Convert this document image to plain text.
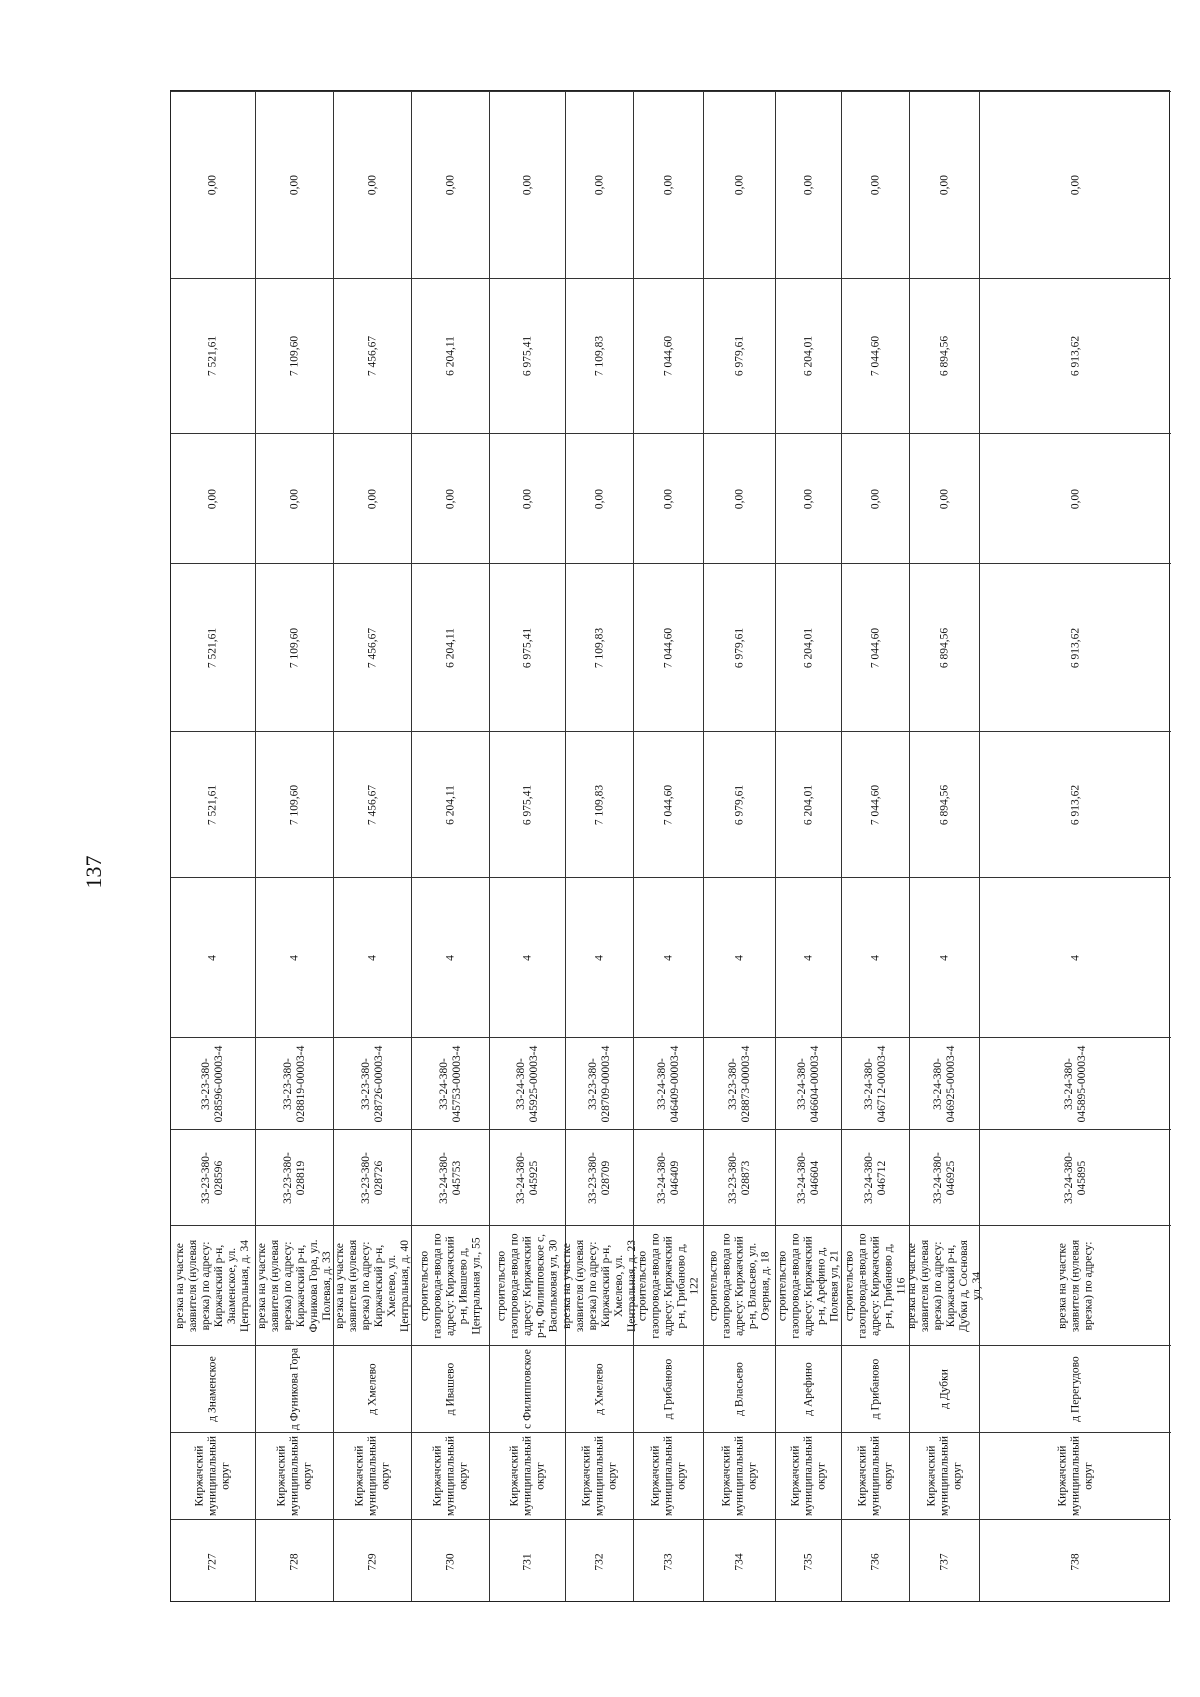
137
727
Киржачский
муниципальный
округ
д Знаменское
врезка на участке
заявителя (нулевая
врезка) по адресу:
Киржачский р-н,
Знаменское, ул.
Центральная, д. 34
33-23-380-
028596
33-23-380-
028596-00003-4
4
7 521,61
7 521,61
0,00
7 521,61
0,00
728
Киржачский
муниципальный
округ
д Фуникова Гора
врезка на участке
заявителя (нулевая
врезка) по адресу:
Киржачский р-н,
Фуникова Гора, ул.
Полевая, д. 33
33-23-380-
028819
33-23-380-
028819-00003-4
4
7 109,60
7 109,60
0,00
7 109,60
0,00
729
Киржачский
муниципальный
округ
д Хмелево
врезка на участке
заявителя (нулевая
врезка) по адресу:
Киржачский р-н,
Хмелево, ул.
Центральная, д. 40
33-23-380-
028726
33-23-380-
028726-00003-4
4
7 456,67
7 456,67
0,00
7 456,67
0,00
730
Киржачский
муниципальный
округ
д Ивашево
строительство
газопровода-ввода по
адресу: Киржачский
р-н, Ивашево д,
Центральная ул., 55
33-24-380-
045753
33-24-380-
045753-00003-4
4
6 204,11
6 204,11
0,00
6 204,11
0,00
731
Киржачский
муниципальный
округ
с Филипповское
строительство
газопровода-ввода по
адресу: Киржачский
р-н, Филипповское с,
Васильковая ул, 30
33-24-380-
045925
33-24-380-
045925-00003-4
4
6 975,41
6 975,41
0,00
6 975,41
0,00
732
Киржачский
муниципальный
округ
д Хмелево
врезка на участке
заявителя (нулевая
врезка) по адресу:
Киржачский р-н,
Хмелево, ул.
Центральная, д. 23
33-23-380-
028709
33-23-380-
028709-00003-4
4
7 109,83
7 109,83
0,00
7 109,83
0,00
733
Киржачский
муниципальный
округ
д Грибаново
строительство
газопровода-ввода по
адресу: Киржачский
р-н, Грибаново д,
122
33-24-380-
046409
33-24-380-
046409-00003-4
4
7 044,60
7 044,60
0,00
7 044,60
0,00
734
Киржачский
муниципальный
округ
д Власьево
строительство
газопровода-ввода по
адресу: Киржачский
р-н, Власьево, ул.
Озерная, д. 18
33-23-380-
028873
33-23-380-
028873-00003-4
4
6 979,61
6 979,61
0,00
6 979,61
0,00
735
Киржачский
муниципальный
округ
д Арефино
строительство
газопровода-ввода по
адресу: Киржачский
р-н, Арефино д,
Полевая ул, 21
33-24-380-
046604
33-24-380-
046604-00003-4
4
6 204,01
6 204,01
0,00
6 204,01
0,00
736
Киржачский
муниципальный
округ
д Грибаново
строительство
газопровода-ввода по
адресу: Киржачский
р-н, Грибаново д,
116
33-24-380-
046712
33-24-380-
046712-00003-4
4
7 044,60
7 044,60
0,00
7 044,60
0,00
737
Киржачский
муниципальный
округ
д Дубки
врезка на участке
заявителя (нулевая
врезка) по адресу:
Киржачский р-н,
Дубки д, Сосновая
ул, 34
33-24-380-
046925
33-24-380-
046925-00003-4
4
6 894,56
6 894,56
0,00
6 894,56
0,00
738
Киржачский
муниципальный
округ
д Перегудово
врезка на участке
заявителя (нулевая
врезка) по адресу:
33-24-380-
045895
33-24-380-
045895-00003-4
4
6 913,62
6 913,62
0,00
6 913,62
0,00
